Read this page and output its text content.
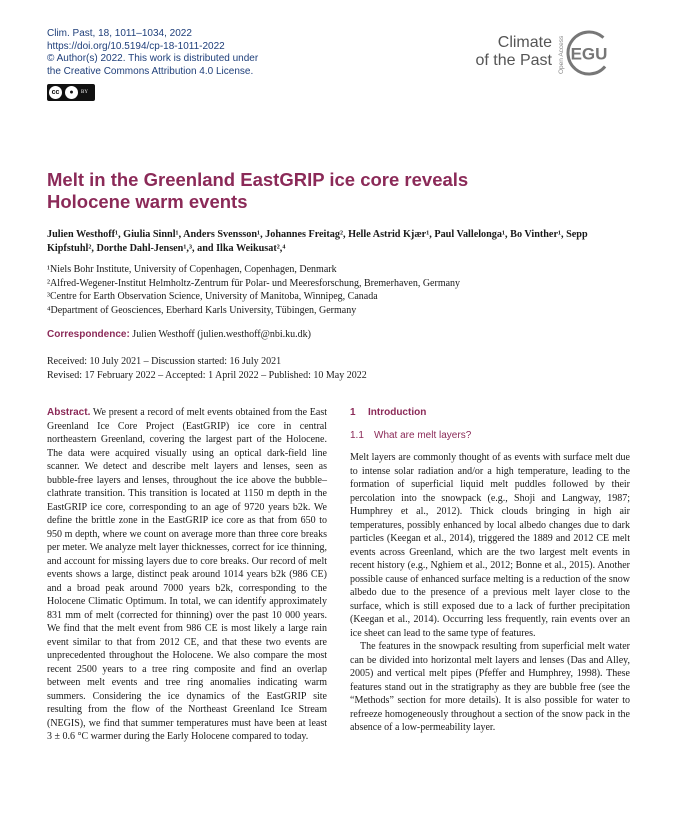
Clim. Past, 18, 1011–1034, 2022
https://doi.org/10.5194/cp-18-1011-2022
© Author(s) 2022. This work is distributed under
the Creative Commons Attribution 4.0 License.
cc	●	BY
Climate
of the Past Open Access EGU
Melt in the Greenland EastGRIP ice core reveals
Holocene warm events
Julien Westhoff¹, Giulia Sinnl¹, Anders Svensson¹, Johannes Freitag², Helle Astrid Kjær¹, Paul Vallelonga¹, Bo Vinther¹, Sepp Kipfstuhl², Dorthe Dahl-Jensen¹,³, and Ilka Weikusat²,⁴
¹Niels Bohr Institute, University of Copenhagen, Copenhagen, Denmark
²Alfred-Wegener-Institut Helmholtz-Zentrum für Polar- und Meeresforschung, Bremerhaven, Germany
³Centre for Earth Observation Science, University of Manitoba, Winnipeg, Canada
⁴Department of Geosciences, Eberhard Karls University, Tübingen, Germany
Correspondence: Julien Westhoff (julien.westhoff@nbi.ku.dk)
Received: 10 July 2021 – Discussion started: 16 July 2021
Revised: 17 February 2022 – Accepted: 1 April 2022 – Published: 10 May 2022

Abstract. We present a record of melt events obtained from the East Greenland Ice Core Project (EastGRIP) ice core in central northeastern Greenland, covering the largest part of the Holocene. The data were acquired visually using an optical dark-field line scanner. We detect and describe melt layers and lenses, seen as bubble-free layers and lenses, throughout the ice above the bubble–clathrate transition. This transition is located at 1150 m depth in the EastGRIP ice core, corresponding to an age of 9720 years b2k. We define the brittle zone in the EastGRIP ice core as that from 650 to 950 m depth, where we count on average more than three core breaks per meter. We analyze melt layer thicknesses, correct for ice thinning, and account for missing layers due to core breaks. Our record of melt events shows a large, distinct peak around 1014 years b2k (986 CE) and a broad peak around 7000 years b2k, corresponding to the Holocene Climatic Optimum. In total, we can identify approximately 831 mm of melt (corrected for thinning) over the past 10 000 years. We find that the melt event from 986 CE is most likely a large rain event similar to that from 2012 CE, and that these two events are unprecedented throughout the Holocene. We also compare the most recent 2500 years to a tree ring composite and find an overlap between melt events and tree ring anomalies indicating warm summers. Considering the ice dynamics of the EastGRIP site resulting from the flow of the Northeast Greenland Ice Stream (NEGIS), we find that summer temperatures must have been at least 3 ± 0.6 °C warmer during the Early Holocene compared to today.

1 Introduction
1.1 What are melt layers?

Melt layers are commonly thought of as events with surface melt due to intense solar radiation and/or a high temperature, leading to the formation of superficial liquid melt puddles followed by their percolation into the snowpack (e.g., Shoji and Langway, 1987; Humphrey et al., 2012). Thick clouds bringing in high air temperatures, possibly enhanced by local albedo changes due to dark particles (Keegan et al., 2014), triggered the 1889 and 2012 CE melt events across Greenland, which are the two largest melt events in recent history (e.g., Nghiem et al., 2012; Bonne et al., 2015). Another possible cause of enhanced surface melting is a reduction of the snow albedo due to the presence of a previous melt layer close to the surface, which is still exposed due to a lack of further precipitation (Keegan et al., 2014). Occurring less frequently, rain events over an ice sheet can lead to the same type of features.

The features in the snowpack resulting from superficial melt water can be divided into horizontal melt layers and lenses (Das and Alley, 2005) and vertical melt pipes (Pfeffer and Humphrey, 1998). These features stand out in the stratigraphy as they are bubble free (see the “Methods” section for more details). It is also possible for water to refreeze homogeneously throughout a section of the snow pack in the absence of a low-permeability layer.
